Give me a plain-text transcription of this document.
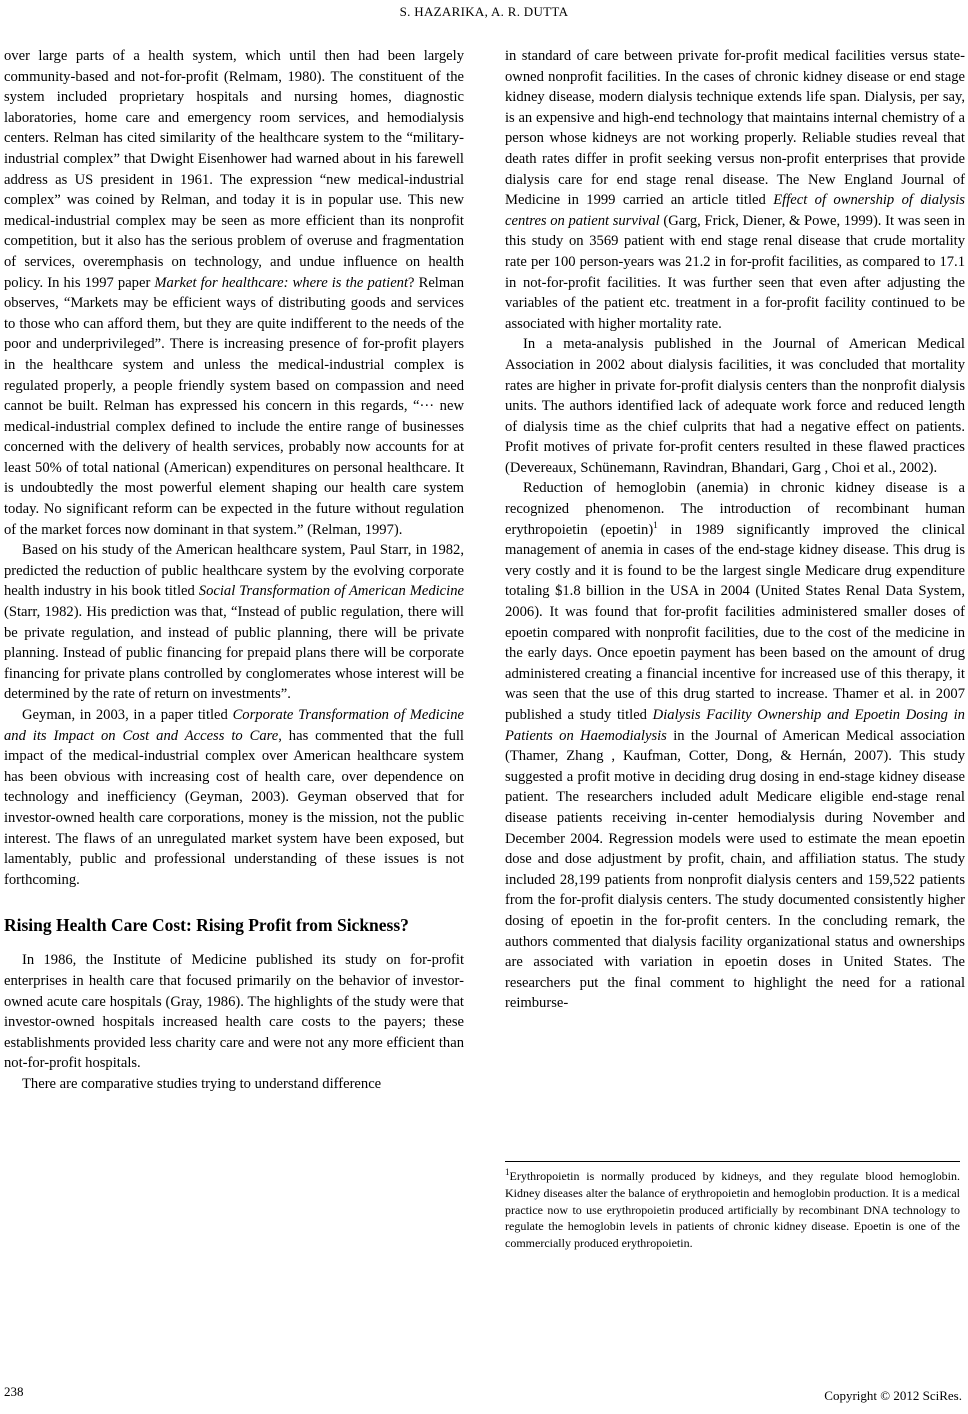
S. HAZARIKA, A. R. DUTTA

over large parts of a health system, which until then had been largely community-based and not-for-profit (Relmam, 1980). The constituent of the system included proprietary hospitals and nursing homes, diagnostic laboratories, home care and emergency room services, and hemodialysis centers. Relman has cited similarity of the healthcare system to the “military-industrial complex” that Dwight Eisenhower had warned about in his farewell address as US president in 1961. The expression “new medical-industrial complex” was coined by Relman, and today it is in popular use. This new medical-industrial complex may be seen as more efficient than its nonprofit competition, but it also has the serious problem of overuse and fragmentation of services, overemphasis on technology, and undue influence on health policy. In his 1997 paper Market for healthcare: where is the patient? Relman observes, “Markets may be efficient ways of distributing goods and services to those who can afford them, but they are quite indifferent to the needs of the poor and underprivileged”. There is increasing presence of for-profit players in the healthcare system and unless the medical-industrial complex is regulated properly, a people friendly system based on compassion and need cannot be built. Relman has expressed his concern in this regards, “··· new medical-industrial complex defined to include the entire range of businesses concerned with the delivery of health services, probably now accounts for at least 50% of total national (American) expenditures on personal healthcare. It is undoubtedly the most powerful element shaping our health care system today. No significant reform can be expected in the future without regulation of the market forces now dominant in that system.” (Relman, 1997).

Based on his study of the American healthcare system, Paul Starr, in 1982, predicted the reduction of public healthcare system by the evolving corporate health industry in his book titled Social Transformation of American Medicine (Starr, 1982). His prediction was that, “Instead of public regulation, there will be private regulation, and instead of public planning, there will be private planning. Instead of public financing for prepaid plans there will be corporate financing for private plans controlled by conglomerates whose interest will be determined by the rate of return on investments”.

Geyman, in 2003, in a paper titled Corporate Transformation of Medicine and its Impact on Cost and Access to Care, has commented that the full impact of the medical-industrial complex over American healthcare system has been obvious with increasing cost of health care, over dependence on technology and inefficiency (Geyman, 2003). Geyman observed that for investor-owned health care corporations, money is the mission, not the public interest. The flaws of an unregulated market system have been exposed, but lamentably, public and professional understanding of these issues is not forthcoming.

Rising Health Care Cost: Rising Profit from Sickness?

In 1986, the Institute of Medicine published its study on for-profit enterprises in health care that focused primarily on the behavior of investor-owned acute care hospitals (Gray, 1986). The highlights of the study were that investor-owned hospitals increased health care costs to the payers; these establishments provided less charity care and were not any more efficient than not-for-profit hospitals.

There are comparative studies trying to understand difference

in standard of care between private for-profit medical facilities versus state-owned nonprofit facilities. In the cases of chronic kidney disease or end stage kidney disease, modern dialysis technique extends life span. Dialysis, per say, is an expensive and high-end technology that maintains internal chemistry of a person whose kidneys are not working properly. Reliable studies reveal that death rates differ in profit seeking versus non-profit enterprises that provide dialysis care for end stage renal disease. The New England Journal of Medicine in 1999 carried an article titled Effect of ownership of dialysis centres on patient survival (Garg, Frick, Diener, & Powe, 1999). It was seen in this study on 3569 patient with end stage renal disease that crude mortality rate per 100 person-years was 21.2 in for-profit facilities, as compared to 17.1 in not-for-profit facilities. It was further seen that even after adjusting the variables of the patient etc. treatment in a for-profit facility continued to be associated with higher mortality rate.

In a meta-analysis published in the Journal of American Medical Association in 2002 about dialysis facilities, it was concluded that mortality rates are higher in private for-profit dialysis centers than the nonprofit dialysis units. The authors identified lack of adequate work force and reduced length of dialysis time as the chief culprits that had a negative effect on patients. Profit motives of private for-profit centers resulted in these flawed practices (Devereaux, Schünemann, Ravindran, Bhandari, Garg , Choi et al., 2002).

Reduction of hemoglobin (anemia) in chronic kidney disease is a recognized phenomenon. The introduction of recombinant human erythropoietin (epoetin)$^1$ in 1989 significantly improved the clinical management of anemia in cases of the end-stage kidney disease. This drug is very costly and it is found to be the largest single Medicare drug expenditure totaling $1.8 billion in the USA in 2004 (United States Renal Data System, 2006). It was found that for-profit facilities administered smaller doses of epoetin compared with nonprofit facilities, due to the cost of the medicine in the early days. Once epoetin payment has been based on the amount of drug administered creating a financial incentive for increased use of this therapy, it was seen that the use of this drug started to increase. Thamer et al. in 2007 published a study titled Dialysis Facility Ownership and Epoetin Dosing in Patients on Haemodialysis in the Journal of American Medical association (Thamer, Zhang , Kaufman, Cotter, Dong, & Hernán, 2007). This study suggested a profit motive in deciding drug dosing in end-stage kidney disease patient. The researchers included adult Medicare eligible end-stage renal disease patients receiving in-center hemodialysis during November and December 2004. Regression models were used to estimate the mean epoetin dose and dose adjustment by profit, chain, and affiliation status. The study included 28,199 patients from nonprofit dialysis centers and 159,522 patients from the for-profit dialysis centers. The study documented consistently higher dosing of epoetin in the for-profit centers. In the concluding remark, the authors commented that dialysis facility organizational status and ownerships are associated with variation in epoetin doses in United States. The researchers put the final comment to highlight the need for a rational reimburse-

$^1$Erythropoietin is normally produced by kidneys, and they regulate blood hemoglobin. Kidney diseases alter the balance of erythropoietin and hemoglobin production. It is a medical practice now to use erythropoietin produced artificially by recombinant DNA technology to regulate the hemoglobin levels in patients of chronic kidney disease. Epoetin is one of the commercially produced erythropoietin.

238	Copyright © 2012 SciRes.
